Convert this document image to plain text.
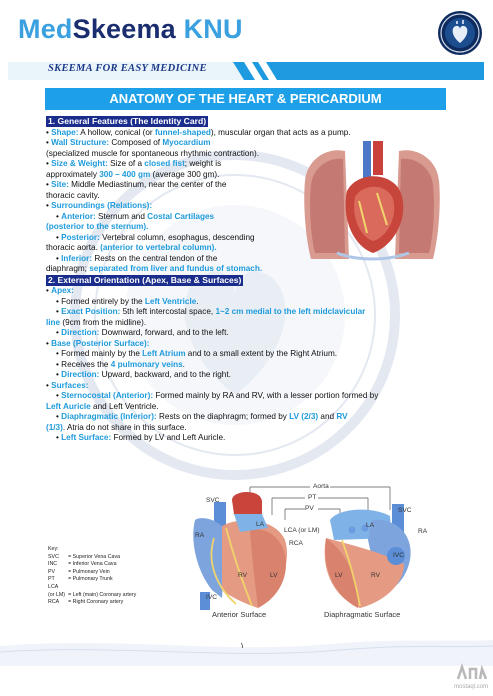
MedSkeema KNU
SKEEMA FOR EASY MEDICINE
ANATOMY OF THE HEART & PERICARDIUM
1. General Features (The Identity Card)
• Shape: A hollow, conical (or funnel-shaped), muscular organ that acts as a pump.
• Wall Structure: Composed of Myocardium
(specialized muscle for spontaneous rhythmic contraction).
• Size & Weight: Size of a closed fist; weight is
approximately 300 – 400 gm (average 300 gm).
• Site: Middle Mediastinum, near the center of the
thoracic cavity.
• Surroundings (Relations):
• Anterior: Sternum and Costal Cartilages
(posterior to the sternum).
• Posterior: Vertebral column, esophagus, descending
thoracic aorta. (anterior to vertebral column).
• Inferior: Rests on the central tendon of the
diaphragm; separated from liver and fundus of stomach.
2. External Orientation (Apex, Base & Surfaces)
• Apex:
• Formed entirely by the Left Ventricle.
• Exact Position: 5th left intercostal space, 1~2 cm medial to the left midclavicular
line (9cm from the midline).
• Direction: Downward, forward, and to the left.
• Base (Posterior Surface):
• Formed mainly by the Left Atrium and to a small extent by the Right Atrium.
• Receives the 4 pulmonary veins.
• Direction: Upward, backward, and to the right.
• Surfaces:
• Sternocostal (Anterior): Formed mainly by RA and RV, with a lesser portion formed by
Left Auricle and Left Ventricle.
• Diaphragmatic (Inferior): Rests on the diaphragm; formed by LV (2/3) and RV
(1/3). Atria do not share in this surface.
• Left Surface: Formed by LV and Left Auricle.
Aorta
PT
PV
SVC
SVC
RA
RA
LA	LA
LCA (or LM)
RCA
RV	LV	LV	RV
IVC
IVC
Anterior Surface	Diaphragmatic Surface
Key:
SVC	= Superior Vena Cava
INC	= Inferior Vena Cava
PV	= Pulmonary Vein
PT	= Pulmonary Trunk
LCA	
(or LM)	= Left (main) Coronary artery
RCA	= Right Coronary artery
١
mostaql.com
